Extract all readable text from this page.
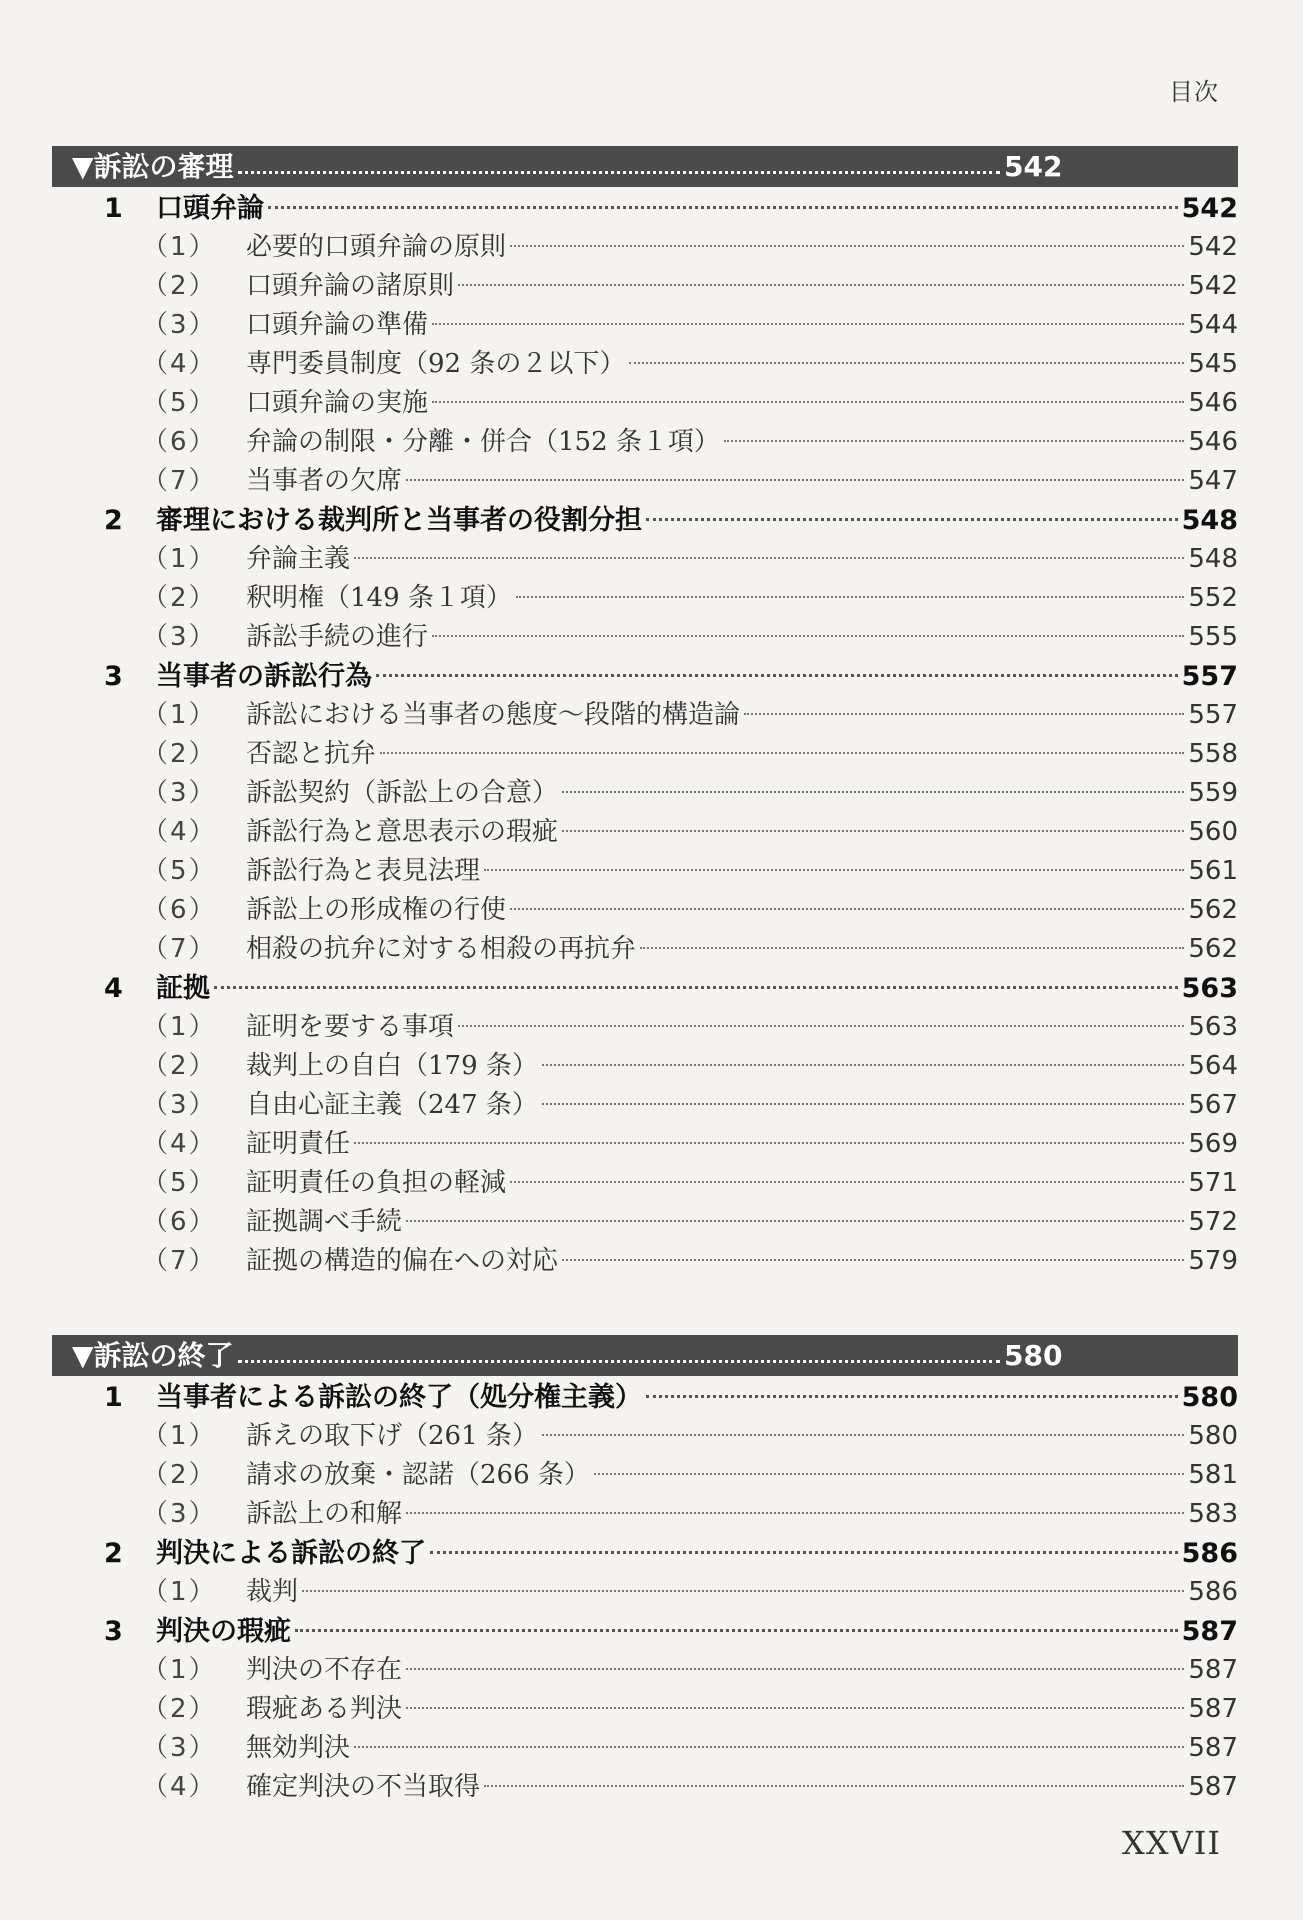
目次
▼訴訟の審理	542
1	口頭弁論	542
（1）	必要的口頭弁論の原則	542
（2）	口頭弁論の諸原則	542
（3）	口頭弁論の準備	544
（4）	専門委員制度（92 条の２以下）	545
（5）	口頭弁論の実施	546
（6）	弁論の制限・分離・併合（152 条１項）	546
（7）	当事者の欠席	547
2	審理における裁判所と当事者の役割分担	548
（1）	弁論主義	548
（2）	釈明権（149 条１項）	552
（3）	訴訟手続の進行	555
3	当事者の訴訟行為	557
（1）	訴訟における当事者の態度～段階的構造論	557
（2）	否認と抗弁	558
（3）	訴訟契約（訴訟上の合意）	559
（4）	訴訟行為と意思表示の瑕疵	560
（5）	訴訟行為と表見法理	561
（6）	訴訟上の形成権の行使	562
（7）	相殺の抗弁に対する相殺の再抗弁	562
4	証拠	563
（1）	証明を要する事項	563
（2）	裁判上の自白（179 条）	564
（3）	自由心証主義（247 条）	567
（4）	証明責任	569
（5）	証明責任の負担の軽減	571
（6）	証拠調べ手続	572
（7）	証拠の構造的偏在への対応	579
▼訴訟の終了	580
1	当事者による訴訟の終了（処分権主義）	580
（1）	訴えの取下げ（261 条）	580
（2）	請求の放棄・認諾（266 条）	581
（3）	訴訟上の和解	583
2	判決による訴訟の終了	586
（1）	裁判	586
3	判決の瑕疵	587
（1）	判決の不存在	587
（2）	瑕疵ある判決	587
（3）	無効判決	587
（4）	確定判決の不当取得	587
XXVII
